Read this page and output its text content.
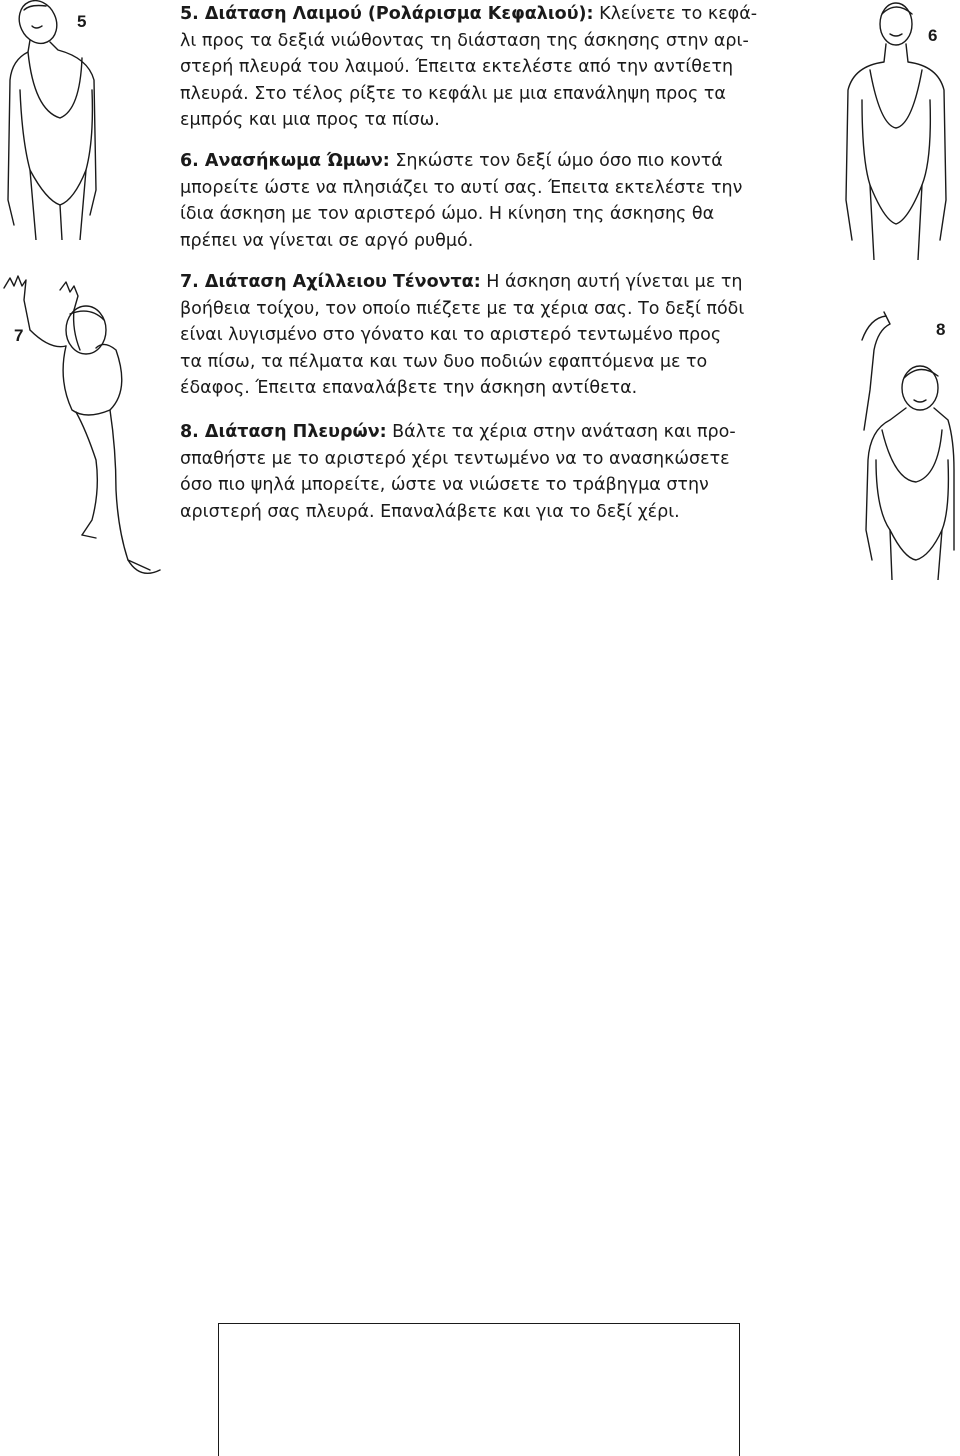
5
6
7	8

5. Διάταση Λαιμού (Ρολάρισμα Κεφαλιού): Κλείνετε το κεφά-
λι προς τα δεξιά νιώθοντας τη διάσταση της άσκησης στην αρι-
στερή πλευρά του λαιμού. Έπειτα εκτελέστε από την αντίθετη
πλευρά. Στο τέλος ρίξτε το κεφάλι με μια επανάληψη προς τα
εμπρός και μια προς τα πίσω.

6. Ανασήκωμα Ώμων: Σηκώστε τον δεξί ώμο όσο πιο κοντά
μπορείτε ώστε να πλησιάζει το αυτί σας. Έπειτα εκτελέστε την
ίδια άσκηση με τον αριστερό ώμο. Η κίνηση της άσκησης θα
πρέπει να γίνεται σε αργό ρυθμό.

7. Διάταση Αχίλλειου Τένοντα: Η άσκηση αυτή γίνεται με τη
βοήθεια τοίχου, τον οποίο πιέζετε με τα χέρια σας. Το δεξί πόδι
είναι λυγισμένο στο γόνατο και το αριστερό τεντωμένο προς
τα πίσω, τα πέλματα και των δυο ποδιών εφαπτόμενα με το
έδαφος. Έπειτα επαναλάβετε την άσκηση αντίθετα.

8. Διάταση Πλευρών: Βάλτε τα χέρια στην ανάταση και προ-
σπαθήστε με το αριστερό χέρι τεντωμένο να το ανασηκώσετε
όσο πιο ψηλά μπορείτε, ώστε να νιώσετε το τράβηγμα στην
αριστερή σας πλευρά. Επαναλάβετε και για το δεξί χέρι.
